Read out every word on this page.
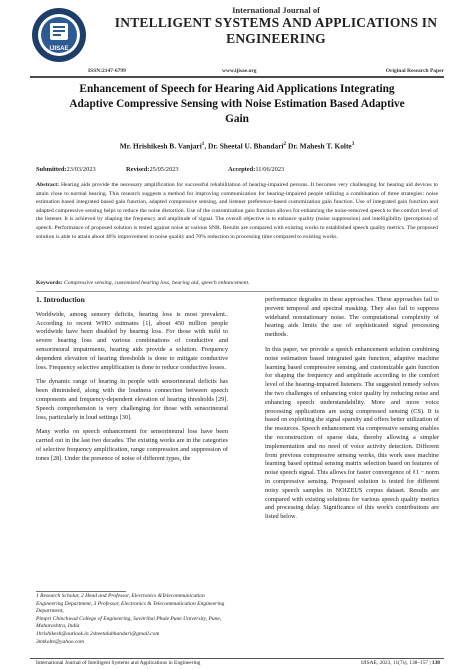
IJISAE
International Journal of
INTELLIGENT SYSTEMS AND APPLICATIONS IN
ENGINEERING
ISSN:2147-6799	www.ijisae.org	Original Research Paper
Enhancement of Speech for Hearing Aid Applications Integrating
Adaptive Compressive Sensing with Noise Estimation Based Adaptive
Gain
Mr. Hrishikesh B. Vanjari$^1$, Dr. Sheetal U. Bhandari$^2$ Dr. Mahesh T. Kolte$^3$
Submitted:23/03/2023	Revised:25/05/2023	Accepted:11/06/2023
Abstract: Hearing aids provide the necessary amplification for successful rehabilitation of hearing-impaired persons. It becomes very challenging for hearing aid devices to attain close to normal hearing. This research suggests a method for improving communication for hearing-impaired people utilizing a combination of three strategies: noise estimation based integrated based gain function, adapted compressive sensing, and listener preference-based customization gain function. Use of integrated gain function and adapted compressive sensing helps to reduce the noise distortion. Use of the customization gain function allows for enhancing the noise-removed speech to the comfort level of the listener. It is achieved by shaping the frequency and amplitude of signal. The overall objective is to enhance quality (noise suppression) and intelligibility (perception) of speech. Performance of proposed solution is tested against noise at various SNR. Results are compared with existing works to established speech quality metrics. The proposed solution is able to attain about 40% improvement in noise quality and 70% reduction in processing time compared to existing works.
Keywords: Compressive sensing, customized hearing loss, hearing aid, speech enhancement.
1. Introduction

Worldwide, among sensory deficits, hearing loss is most prevalent.. According to recent WHO estimates [1], about 450 million people worldwide have been disabled by hearing loss. For those with mild to severe hearing loss and various combinations of conductive and sensorineural impairments, hearing aids provide a solution. Frequency dependent elevation of hearing thresholds is done to mitigate conductive loss. Frequency selective amplification is done to reduce conductive losses.

The dynamic range of hearing in people with sensorineural deficits has been diminished, along with the loudness connection between speech components and frequency-dependent elevation of hearing thresholds [29]. Speech comprehension is very challenging for those with sensorineural loss, particularly in loud settings [30].

Many works on speech enhancement for sensorineural loss have been carried out in the last two decades. The existing works are in the categories of selective frequency amplification, range compression and suppression of tones [28]. Under the presence of noise of different types, the

performance degrades in these approaches. These approaches fail to prevent temporal and spectral masking. They also fail to suppress wideband nonstationary noise. The computational complexity of hearing aids limits the use of sophisticated signal processing methods.

In this paper, we provide a speech enhancement solution combining noise estimation based integrated gain function, adaptive machine learning based compressive sensing, and customizable gain function for shaping the frequency and amplitude according to the comfort level of the hearing-impaired listeners. The suggested remedy solves the two challenges of enhancing voice quality by reducing noise and enhancing speech understandability. More and more voice processing applications are using compressed sensing (CS). It is based on exploiting the signal sparsity and offers better utilization of the resources. Speech enhancement via compressive sensing enables the reconstruction of sparse data, thereby allowing a simpler implementation and no need of voice activity detection. Different from previous compressive sensing works, this work uses machine learning based optimal sensing matrix selection based on features of noise speech signal. This allows for faster convergence of ℓ1 − norm in compressive sensing. Proposed solution is tested for different noisy speech samples in NOIZEUS corpus dataset. Results are compared with existing solutions for various speech quality metrics and processing delay. Significance of this work's contributions are listed below.

1 Research Scholar, 2 Head and Professor, Electronics &Telecommunication Engineering Department, 3 Professor, Electronics & Telecommunication Engineering Department,
Pimpri Chinchwad College of Engineering, Savitribai Phule Pune University, Pune,
Maharashtra, India
1hrishikesh@outlook.in 2sheetalubhandari@gmail.com
3mtkolte@yahoo.com
International Journal of Intelligent Systems and Applications in Engineering	IJISAE, 2023, 11(7s), 138–157 | 138
